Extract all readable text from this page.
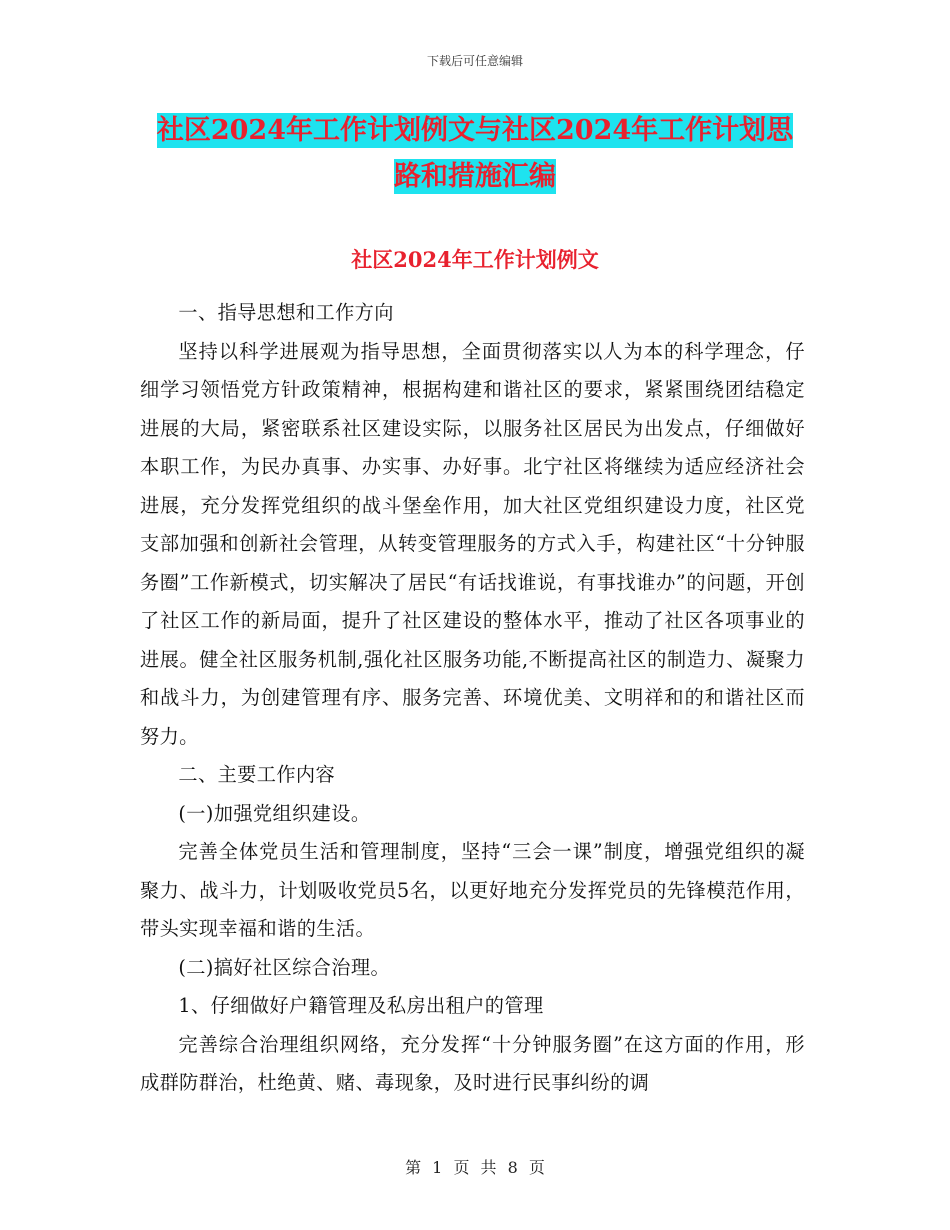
下载后可任意编辑
社区2024年工作计划例文与社区2024年工作计划思
路和措施汇编
社区2024年工作计划例文

一、指导思想和工作方向

坚持以科学进展观为指导思想，全面贯彻落实以人为本的科学理念，仔细学习领悟党方针政策精神，根据构建和谐社区的要求，紧紧围绕团结稳定进展的大局，紧密联系社区建设实际，以服务社区居民为出发点，仔细做好本职工作，为民办真事、办实事、办好事。北宁社区将继续为适应经济社会进展，充分发挥党组织的战斗堡垒作用，加大社区党组织建设力度，社区党支部加强和创新社会管理，从转变管理服务的方式入手，构建社区“十分钟服务圈”工作新模式，切实解决了居民“有话找谁说，有事找谁办”的问题，开创了社区工作的新局面，提升了社区建设的整体水平，推动了社区各项事业的进展。健全社区服务机制,强化社区服务功能,不断提高社区的制造力、凝聚力和战斗力，为创建管理有序、服务完善、环境优美、文明祥和的和谐社区而努力。

二、主要工作内容

(一)加强党组织建设。

完善全体党员生活和管理制度，坚持“三会一课”制度，增强党组织的凝聚力、战斗力，计划吸收党员5名，以更好地充分发挥党员的先锋模范作用，带头实现幸福和谐的生活。

(二)搞好社区综合治理。

1、仔细做好户籍管理及私房出租户的管理

完善综合治理组织网络，充分发挥“十分钟服务圈”在这方面的作用，形成群防群治，杜绝黄、赌、毒现象，及时进行民事纠纷的调

第 1 页 共 8 页
